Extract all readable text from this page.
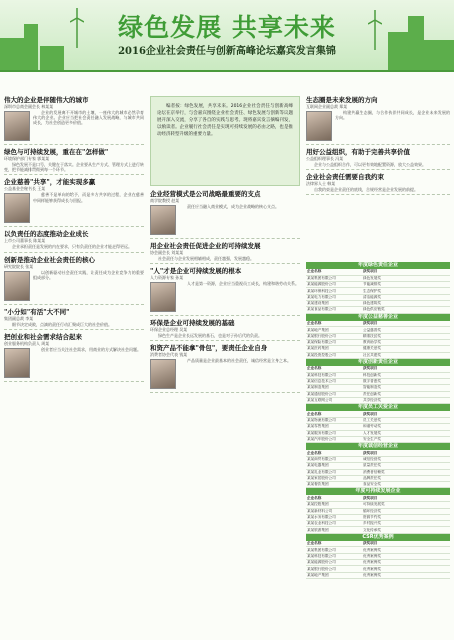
绿色发展 共享未来
2016企业社会责任与创新高峰论坛嘉宾发言集锦
编者按：绿色发展，共享未来。2016企业社会责任与创新高峰论坛在京举行，与会嘉宾围绕企业社会责任、绿色发展与创新等议题展开深入交流，分享了各自的实践与思考。现将嘉宾发言摘编刊发，以飨读者。企业履行社会责任是实现可持续发展的必由之路，也是推动经济转型升级的重要力量。
伟大的企业是伴随伟大的城市
深圳市总商会副会长 林某某
企业的发展离不开城市的土壤，一座伟大的城市必然孕育伟大的企业。企业应当把社会责任融入发展战略，与城市共同成长，为社会创造更多价值。
绿色与可持续发展，重在在"怎样做"
环境保护部门专家 郭某某
绿色发展不是口号，关键在于落实。企业要从生产方式、管理方式上进行转变，把节能减排贯彻到每一个环节。
企业慈善"共享"，才能实现多赢
公益基金会秘书长 王某
慈善不是单向的给予，而是多方共享的过程，企业在慈善中同样能够获得成长与回报。
以负责任的态度推动企业成长
上市公司董事长 陈某某
企业承担责任是发展的内在要求，只有负责任的企业才能走得更远。
创新是推动企业社会责任的核心
研究院院长 张某
以创新驱动社会责任实践，让责任成为企业竞争力的重要组成部分。
"小分如"有活"大不同"
集团副总裁 李某
细节决定成败，点滴的责任行动汇聚成巨大的社会价值。
把创业和社会需求结合起来
创业服务机构负责人 周某
创业者应当关注社会需求，用商业的方式解决社会问题。
企业经营模式是公司战略最重要的支点
商学院教授 赵某
责任应当融入商业模式，成为企业战略的核心支点。
用企业社会责任促进企业的可持续发展
协会副会长 刘某某
社会责任与企业发展相辅相成，责任越强，发展越稳。
"人"才是企业可持续发展的根本
人力资源专家 孙某
人才是第一资源，企业应当重视员工成长，构建和谐劳动关系。
环保是企业可持续发展的基础
环保企业总经理 吴某
绿色生产是企业长远发展的基石，也是对子孙后代的负责。
和资产品不能拿"骨包"，要责任企业自身
消费者协会代表 钱某
产品质量是企业最基本的社会责任，诚信经营是立身之本。
生态圈是未来发展的方向
互联网企业副总裁 郑某
构建共赢生态圈，与合作伙伴共同成长，是企业未来发展的方向。
用好公益组织，有助于完善共享价值
公益组织理事长 冯某
企业与公益组织合作，可以更有效地配置资源，放大公益效果。
企业社会责任需要自我约束
法律界人士 韩某
自我约束是企业责任的底线，合规经营是企业发展的前提。
年度绿色责任企业
企业名称	获奖项目
某某集团有限公司	绿色发展奖
某某能源股份公司	节能减排奖
某某环保科技公司	生态保护奖
某某电力有限公司	清洁能源奖
某某建设集团	绿色建筑奖
某某食品有限公司	绿色供应链奖
年度公益慈善企业
企业名称	获奖项目
某某地产集团	公益慈善奖
某某银行股份公司	精准扶贫奖
某某保险有限公司	教育助学奖
某某医药集团	健康关爱奖
某某投资控股公司	社区共建奖
年度创新责任企业
企业名称	获奖项目
某某科技有限公司	科技创新奖
某某信息技术公司	数字普惠奖
某某制造集团	智能制造奖
某某通信股份公司	责任创新奖
某某互联网公司	共享经济奖
年度员工关爱企业
企业名称	获奖项目
某某物流有限公司	员工关爱奖
某某零售集团	和谐劳动奖
某某服务有限公司	人才发展奖
某某汽车股份公司	安全生产奖
年度诚信经营企业
企业名称	获奖项目
某某商贸有限公司	诚信经营奖
某某电器集团	质量责任奖
某某乳业有限公司	消费者信赖奖
某某家居股份公司	品牌责任奖
某某餐饮集团	食品安全奖
年度可持续发展企业
企业名称	获奖项目
某某控股集团	可持续发展奖
某某新材料公司	循环经济奖
某某水务有限公司	资源节约奖
某某农业科技公司	乡村振兴奖
某某旅游集团	文化传承奖
CSR优秀案例
企业名称	获奖项目
某某集团有限公司	优秀案例奖
某某科技有限公司	优秀案例奖
某某能源股份公司	优秀案例奖
某某银行股份公司	优秀案例奖
某某地产集团	优秀案例奖
